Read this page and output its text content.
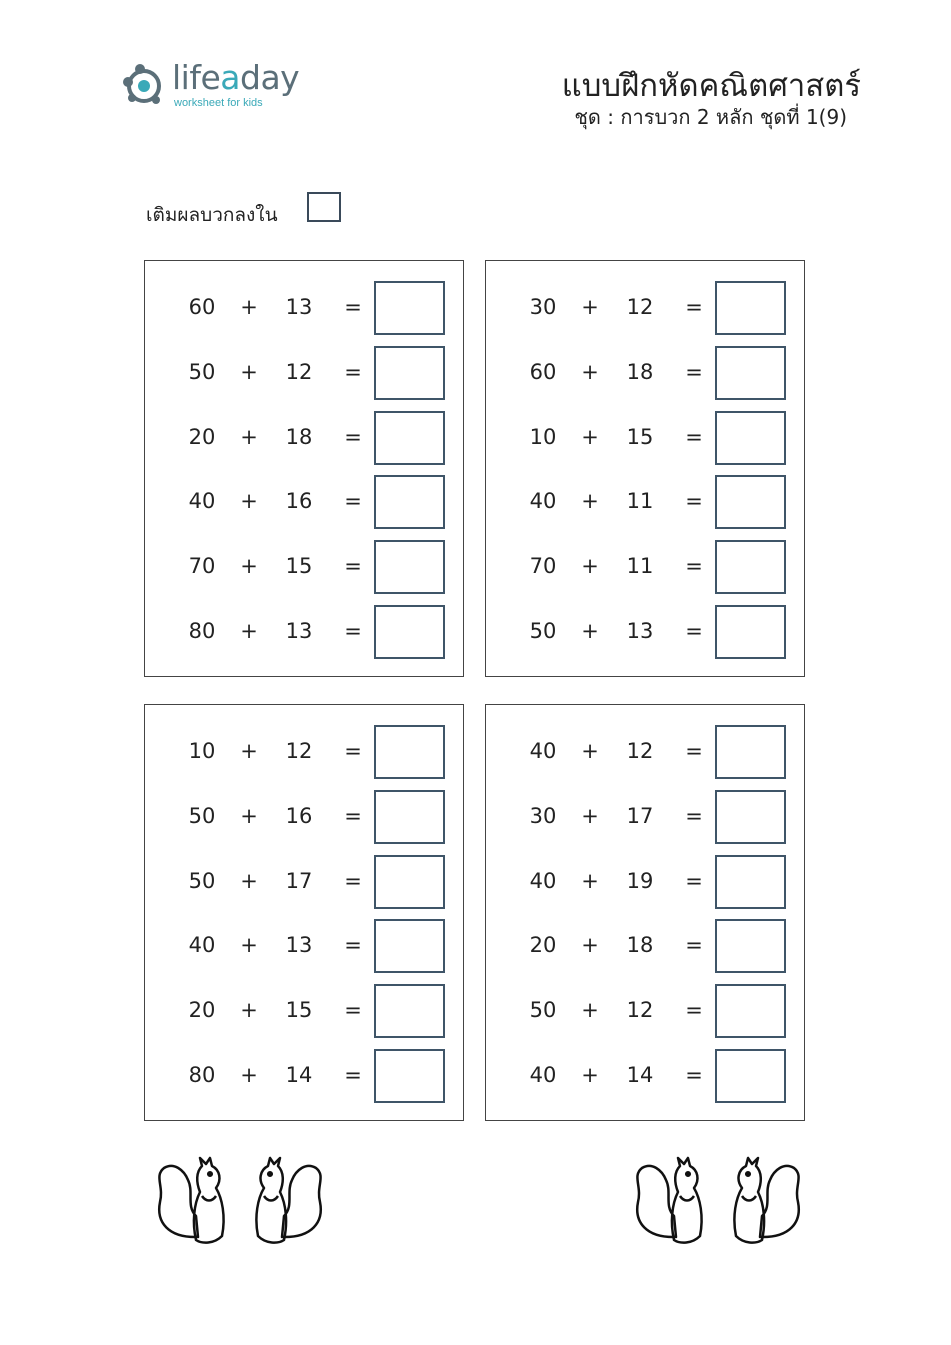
lifeaday
worksheet for kids	แบบฝึกหัดคณิตศาสตร์
ชุด : การบวก 2 หลัก ชุดที่ 1(9)
เติมผลบวกลงใน
60 + 13 =
50 + 12 =
20 + 18 =
40 + 16 =
70 + 15 =
80 + 13 =
30 + 12 =
60 + 18 =
10 + 15 =
40 + 11 =
70 + 11 =
50 + 13 =
10 + 12 =
50 + 16 =
50 + 17 =
40 + 13 =
20 + 15 =
80 + 14 =
40 + 12 =
30 + 17 =
40 + 19 =
20 + 18 =
50 + 12 =
40 + 14 =
